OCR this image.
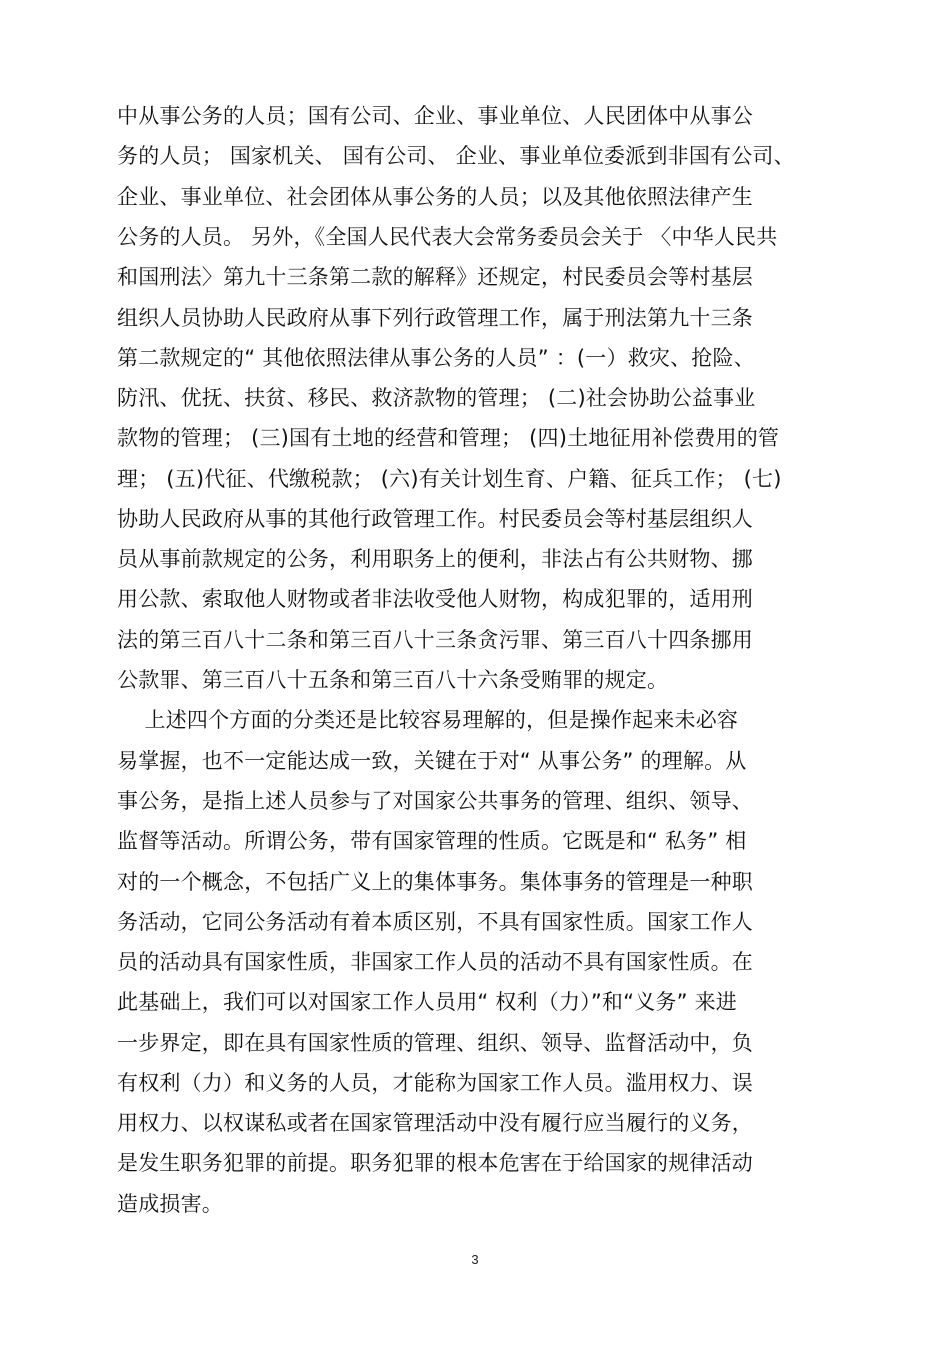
中从事公务的人员；国有公司、企业、事业单位、人民团体中从事公
务的人员； 国家机关、 国有公司、 企业、事业单位委派到非国有公司、
企业、事业单位、社会团体从事公务的人员；以及其他依照法律产生
公务的人员。 另外，《全国人民代表大会常务委员会关于 〈中华人民共
和国刑法〉第九十三条第二款的解释》还规定，村民委员会等村基层
组织人员协助人民政府从事下列行政管理工作，属于刑法第九十三条
第二款规定的“ 其他依照法律从事公务的人员” ：(一）救灾、抢险、
防汛、优抚、扶贫、移民、救济款物的管理； (二)社会协助公益事业
款物的管理； (三)国有土地的经营和管理； (四)土地征用补偿费用的管
理； (五)代征、代缴税款； (六)有关计划生育、户籍、征兵工作； (七)
协助人民政府从事的其他行政管理工作。村民委员会等村基层组织人
员从事前款规定的公务，利用职务上的便利，非法占有公共财物、挪
用公款、索取他人财物或者非法收受他人财物，构成犯罪的，适用刑
法的第三百八十二条和第三百八十三条贪污罪、第三百八十四条挪用
公款罪、第三百八十五条和第三百八十六条受贿罪的规定。
上述四个方面的分类还是比较容易理解的，但是操作起来未必容
易掌握，也不一定能达成一致，关键在于对“ 从事公务” 的理解。从
事公务，是指上述人员参与了对国家公共事务的管理、组织、领导、
监督等活动。所谓公务，带有国家管理的性质。它既是和“ 私务” 相
对的一个概念，不包括广义上的集体事务。集体事务的管理是一种职
务活动，它同公务活动有着本质区别，不具有国家性质。国家工作人
员的活动具有国家性质，非国家工作人员的活动不具有国家性质。在
此基础上，我们可以对国家工作人员用“ 权利（力）”和“义务” 来进
一步界定，即在具有国家性质的管理、组织、领导、监督活动中，负
有权利（力）和义务的人员，才能称为国家工作人员。滥用权力、误
用权力、以权谋私或者在国家管理活动中没有履行应当履行的义务，
是发生职务犯罪的前提。职务犯罪的根本危害在于给国家的规律活动
造成损害。
3
